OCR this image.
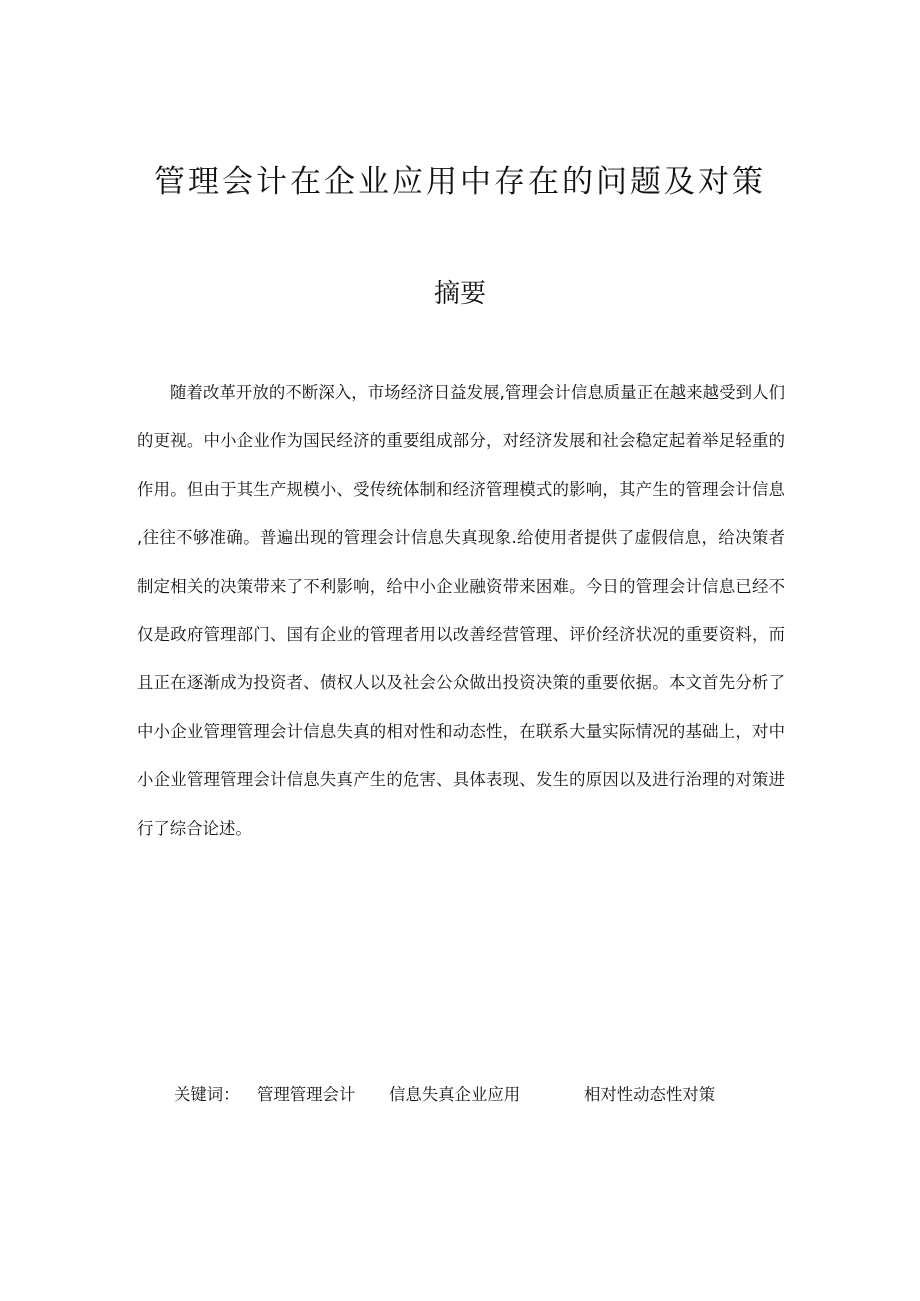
管理会计在企业应用中存在的问题及对策
摘要

随着改革开放的不断深入，市场经济日益发展,管理会计信息质量正在越来越受到人们的更视。中小企业作为国民经济的重要组成部分，对经济发展和社会稳定起着举足轻重的作用。但由于其生产规模小、受传统体制和经济管理模式的影响，其产生的管理会计信息 ,往往不够准确。普遍出现的管理会计信息失真现象.给使用者提供了虚假信息，给决策者制定相关的决策带来了不利影响，给中小企业融资带来困难。今日的管理会计信息已经不仅是政府管理部门、国有企业的管理者用以改善经营管理、评价经济状况的重要资料，而且正在逐渐成为投资者、债权人以及社会公众做出投资决策的重要依据。本文首先分析了中小企业管理管理会计信息失真的相对性和动态性，在联系大量实际情况的基础上，对中小企业管理管理会计信息失真产生的危害、具体表现、发生的原因以及进行治理的对策进行了综合论述。

关键词： 管理管理会计 信息失真企业应用	相对性动态性对策
